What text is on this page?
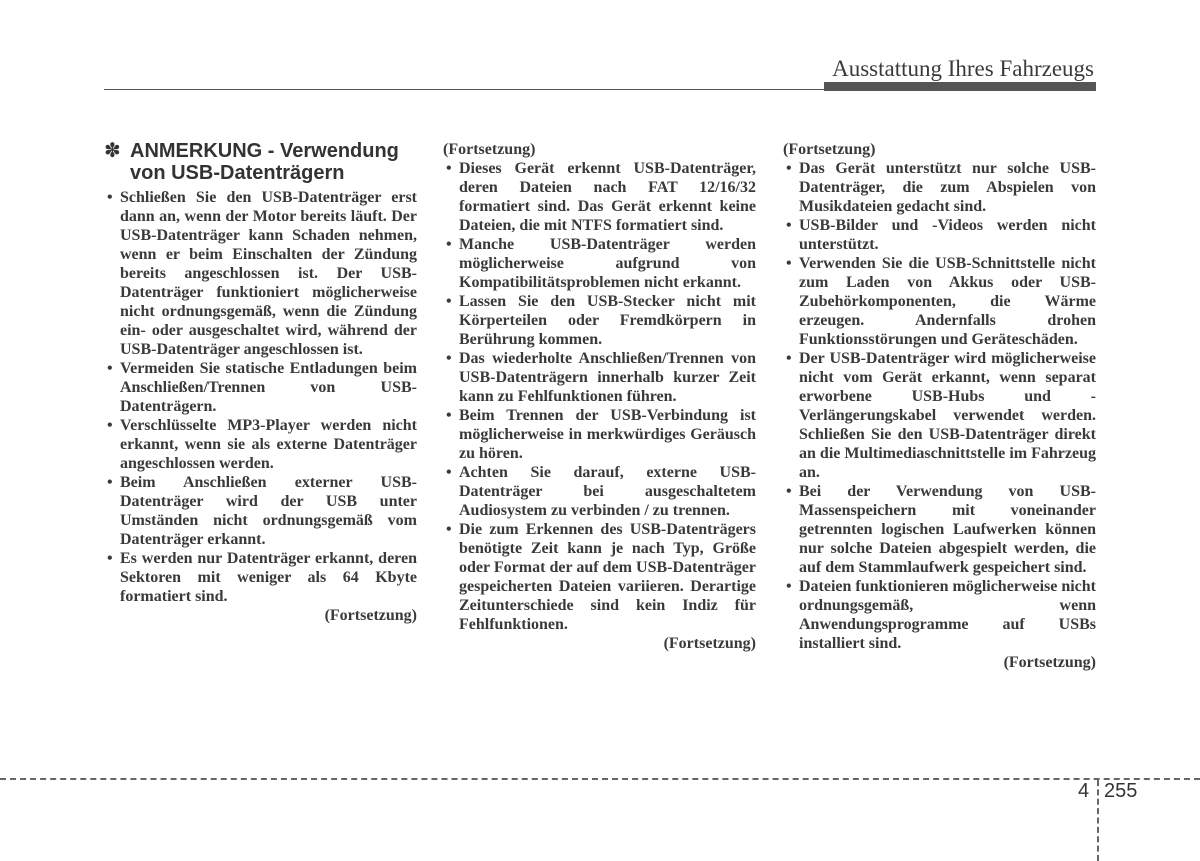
Ausstattung Ihres Fahrzeugs
✽ ANMERKUNG - Verwendung von USB-Datenträgern
• Schließen Sie den USB-Datenträger erst dann an, wenn der Motor bereits läuft. Der USB-Datenträger kann Schaden nehmen, wenn er beim Einschalten der Zündung bereits angeschlossen ist. Der USB-Datenträger funktioniert möglicherweise nicht ordnungsgemäß, wenn die Zündung ein- oder ausgeschaltet wird, während der USB-Datenträger angeschlossen ist.
• Vermeiden Sie statische Entladungen beim Anschließen/Trennen von USB-Datenträgern.
• Verschlüsselte MP3-Player werden nicht erkannt, wenn sie als externe Datenträger angeschlossen werden.
• Beim Anschließen externer USB-Datenträger wird der USB unter Umständen nicht ordnungsgemäß vom Datenträger erkannt.
• Es werden nur Datenträger erkannt, deren Sektoren mit weniger als 64 Kbyte formatiert sind.

(Fortsetzung)

(Fortsetzung)

• Dieses Gerät erkennt USB-Datenträger, deren Dateien nach FAT 12/16/32 formatiert sind. Das Gerät erkennt keine Dateien, die mit NTFS formatiert sind.
• Manche USB-Datenträger werden möglicherweise aufgrund von Kompatibilitätsproblemen nicht erkannt.
• Lassen Sie den USB-Stecker nicht mit Körperteilen oder Fremdkörpern in Berührung kommen.
• Das wiederholte Anschließen/Trennen von USB-Datenträgern innerhalb kurzer Zeit kann zu Fehlfunktionen führen.
• Beim Trennen der USB-Verbindung ist möglicherweise in merkwürdiges Geräusch zu hören.
• Achten Sie darauf, externe USB-Datenträger bei ausgeschaltetem Audiosystem zu verbinden / zu trennen.
• Die zum Erkennen des USB-Datenträgers benötigte Zeit kann je nach Typ, Größe oder Format der auf dem USB-Datenträger gespeicherten Dateien variieren. Derartige Zeitunterschiede sind kein Indiz für Fehlfunktionen.

(Fortsetzung)

(Fortsetzung)

• Das Gerät unterstützt nur solche USB-Datenträger, die zum Abspielen von Musikdateien gedacht sind.
• USB-Bilder und -Videos werden nicht unterstützt.
• Verwenden Sie die USB-Schnittstelle nicht zum Laden von Akkus oder USB-Zubehörkomponenten, die Wärme erzeugen. Andernfalls drohen Funktionsstörungen und Geräteschäden.
• Der USB-Datenträger wird möglicherweise nicht vom Gerät erkannt, wenn separat erworbene USB-Hubs und -Verlängerungskabel verwendet werden. Schließen Sie den USB-Datenträger direkt an die Multimediaschnittstelle im Fahrzeug an.
• Bei der Verwendung von USB-Massenspeichern mit voneinander getrennten logischen Laufwerken können nur solche Dateien abgespielt werden, die auf dem Stammlaufwerk gespeichert sind.
• Dateien funktionieren möglicherweise nicht ordnungsgemäß, wenn Anwendungsprogramme auf USBs installiert sind.

(Fortsetzung)

4 255
